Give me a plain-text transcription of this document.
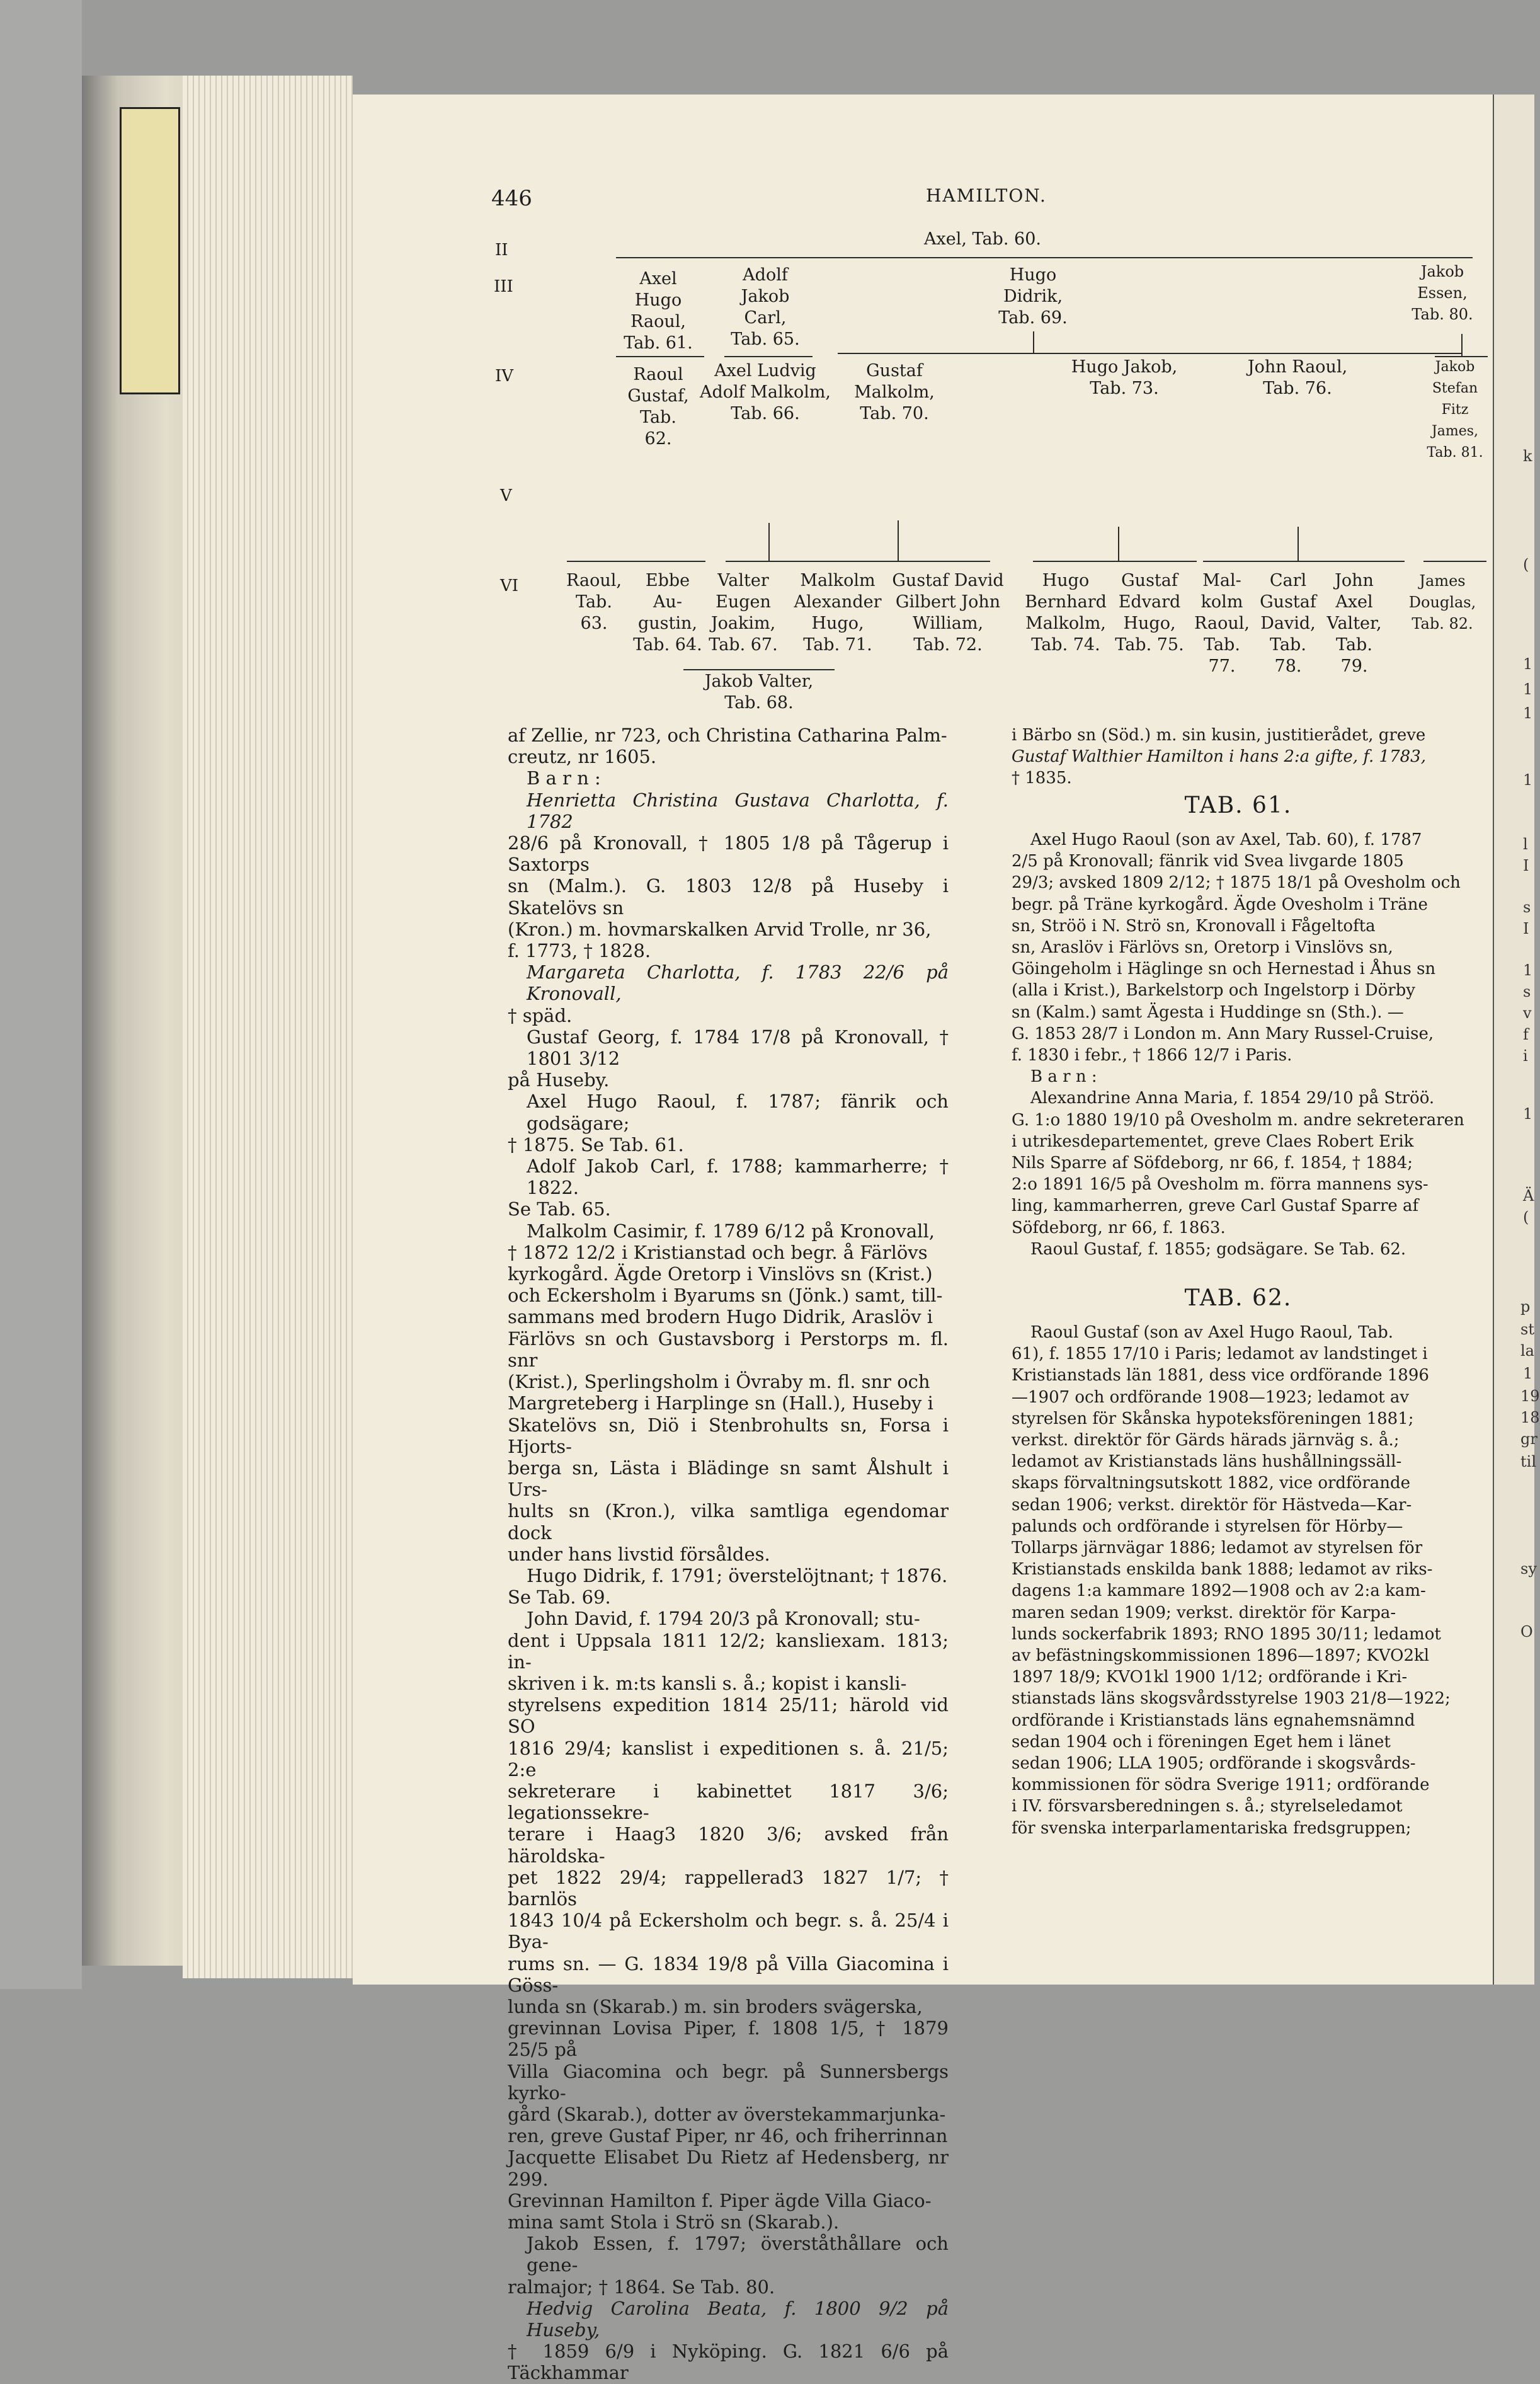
446	HAMILTON.
II
III
IV
V
VI
Axel, Tab. 60.
Axel
Hugo
Raoul,
Tab. 61.
Adolf
Jakob
Carl,
Tab. 65.
Hugo
Didrik,
Tab. 69.
Jakob
Essen,
Tab. 80.
Raoul
Gustaf,
Tab.
62.
Axel Ludvig
Adolf Malkolm,
Tab. 66.
Gustaf
Malkolm,
Tab. 70.
Hugo Jakob,
Tab. 73.
John Raoul,
Tab. 76.
Jakob
Stefan
Fitz
James,
Tab. 81.
Raoul,
Tab.
63.
Ebbe
Au-
gustin,
Tab. 64.
Valter
Eugen
Joakim,
Tab. 67.
Malkolm
Alexander
Hugo,
Tab. 71.
Gustaf David
Gilbert John
William,
Tab. 72.
Hugo
Bernhard
Malkolm,
Tab. 74.
Gustaf
Edvard
Hugo,
Tab. 75.
Mal-
kolm
Raoul,
Tab.
77.
Carl
Gustaf
David,
Tab.
78.
John
Axel
Valter,
Tab.
79.
James
Douglas,
Tab. 82.
Jakob Valter,
Tab. 68.

af Zellie, nr 723, och Christina Catharina Palm-

creutz, nr 1605.

B a r n :

Henrietta Christina Gustava Charlotta, f. 1782

28/6 på Kronovall, † 1805 1/8 på Tågerup i Saxtorps

sn (Malm.). G. 1803 12/8 på Huseby i Skatelövs sn

(Kron.) m. hovmarskalken Arvid Trolle, nr 36,

f. 1773, † 1828.

Margareta Charlotta, f. 1783 22/6 på Kronovall,

† späd.

Gustaf Georg, f. 1784 17/8 på Kronovall, † 1801 3/12

på Huseby.

Axel Hugo Raoul, f. 1787; fänrik och godsägare;

† 1875. Se Tab. 61.

Adolf Jakob Carl, f. 1788; kammarherre; † 1822.

Se Tab. 65.

Malkolm Casimir, f. 1789 6/12 på Kronovall,

† 1872 12/2 i Kristianstad och begr. å Färlövs

kyrkogård. Ägde Oretorp i Vinslövs sn (Krist.)

och Eckersholm i Byarums sn (Jönk.) samt, till-

sammans med brodern Hugo Didrik, Araslöv i

Färlövs sn och Gustavsborg i Perstorps m. fl. snr

(Krist.), Sperlingsholm i Övraby m. fl. snr och

Margreteberg i Harplinge sn (Hall.), Huseby i

Skatelövs sn, Diö i Stenbrohults sn, Forsa i Hjorts-

berga sn, Lästa i Blädinge sn samt Ålshult i Urs-

hults sn (Kron.), vilka samtliga egendomar dock

under hans livstid försåldes.

Hugo Didrik, f. 1791; överstelöjtnant; † 1876.

Se Tab. 69.

John David, f. 1794 20/3 på Kronovall; stu-

dent i Uppsala 1811 12/2; kansliexam. 1813; in-

skriven i k. m:ts kansli s. å.; kopist i kansli-

styrelsens expedition 1814 25/11; härold vid SO

1816 29/4; kanslist i expeditionen s. å. 21/5; 2:e

sekreterare i kabinettet 1817 3/6; legationssekre-

terare i Haag3 1820 3/6; avsked från häroldska-

pet 1822 29/4; rappellerad3 1827 1/7; † barnlös

1843 10/4 på Eckersholm och begr. s. å. 25/4 i Bya-

rums sn. — G. 1834 19/8 på Villa Giacomina i Göss-

lunda sn (Skarab.) m. sin broders svägerska,

grevinnan Lovisa Piper, f. 1808 1/5, † 1879 25/5 på

Villa Giacomina och begr. på Sunnersbergs kyrko-

gård (Skarab.), dotter av överstekammarjunka-

ren, greve Gustaf Piper, nr 46, och friherrinnan

Jacquette Elisabet Du Rietz af Hedensberg, nr 299.

Grevinnan Hamilton f. Piper ägde Villa Giaco-

mina samt Stola i Strö sn (Skarab.).

Jakob Essen, f. 1797; överståthållare och gene-

ralmajor; † 1864. Se Tab. 80.

Hedvig Carolina Beata, f. 1800 9/2 på Huseby,

† 1859 6/9 i Nyköping. G. 1821 6/6 på Täckhammar

i Bärbo sn (Söd.) m. sin kusin, justitierådet, greve

Gustaf Walthier Hamilton i hans 2:a gifte, f. 1783,

† 1835.

TAB. 61.

Axel Hugo Raoul (son av Axel, Tab. 60), f. 1787

2/5 på Kronovall; fänrik vid Svea livgarde 1805

29/3; avsked 1809 2/12; † 1875 18/1 på Ovesholm och

begr. på Träne kyrkogård. Ägde Ovesholm i Träne

sn, Ströö i N. Strö sn, Kronovall i Fågeltofta

sn, Araslöv i Färlövs sn, Oretorp i Vinslövs sn,

Göingeholm i Häglinge sn och Hernestad i Åhus sn

(alla i Krist.), Barkelstorp och Ingelstorp i Dörby

sn (Kalm.) samt Ägesta i Huddinge sn (Sth.). —

G. 1853 28/7 i London m. Ann Mary Russel-Cruise,

f. 1830 i febr., † 1866 12/7 i Paris.

B a r n :

Alexandrine Anna Maria, f. 1854 29/10 på Ströö.

G. 1:o 1880 19/10 på Ovesholm m. andre sekreteraren

i utrikesdepartementet, greve Claes Robert Erik

Nils Sparre af Söfdeborg, nr 66, f. 1854, † 1884;

2:o 1891 16/5 på Ovesholm m. förra mannens sys-

ling, kammarherren, greve Carl Gustaf Sparre af

Söfdeborg, nr 66, f. 1863.

Raoul Gustaf, f. 1855; godsägare. Se Tab. 62.

TAB. 62.

Raoul Gustaf (son av Axel Hugo Raoul, Tab.

61), f. 1855 17/10 i Paris; ledamot av landstinget i

Kristianstads län 1881, dess vice ordförande 1896

—1907 och ordförande 1908—1923; ledamot av

styrelsen för Skånska hypoteksföreningen 1881;

verkst. direktör för Gärds härads järnväg s. å.;

ledamot av Kristianstads läns hushållningssäll-

skaps förvaltningsutskott 1882, vice ordförande

sedan 1906; verkst. direktör för Hästveda—Kar-

palunds och ordförande i styrelsen för Hörby—

Tollarps järnvägar 1886; ledamot av styrelsen för

Kristianstads enskilda bank 1888; ledamot av riks-

dagens 1:a kammare 1892—1908 och av 2:a kam-

maren sedan 1909; verkst. direktör för Karpa-

lunds sockerfabrik 1893; RNO 1895 30/11; ledamot

av befästningskommissionen 1896—1897; KVO2kl

1897 18/9; KVO1kl 1900 1/12; ordförande i Kri-

stianstads läns skogsvårdsstyrelse 1903 21/8—1922;

ordförande i Kristianstads läns egnahemsnämnd

sedan 1904 och i föreningen Eget hem i länet

sedan 1906; LLA 1905; ordförande i skogsvårds-

kommissionen för södra Sverige 1911; ordförande

i IV. försvarsberedningen s. å.; styrelseledamot

för svenska interparlamentariska fredsgruppen;

k
(
1
1
1
1
l
I
s
I
1
s
v
f
i
1
Ä
(
p
st
la
1
19
18
gr
til
sy
O
